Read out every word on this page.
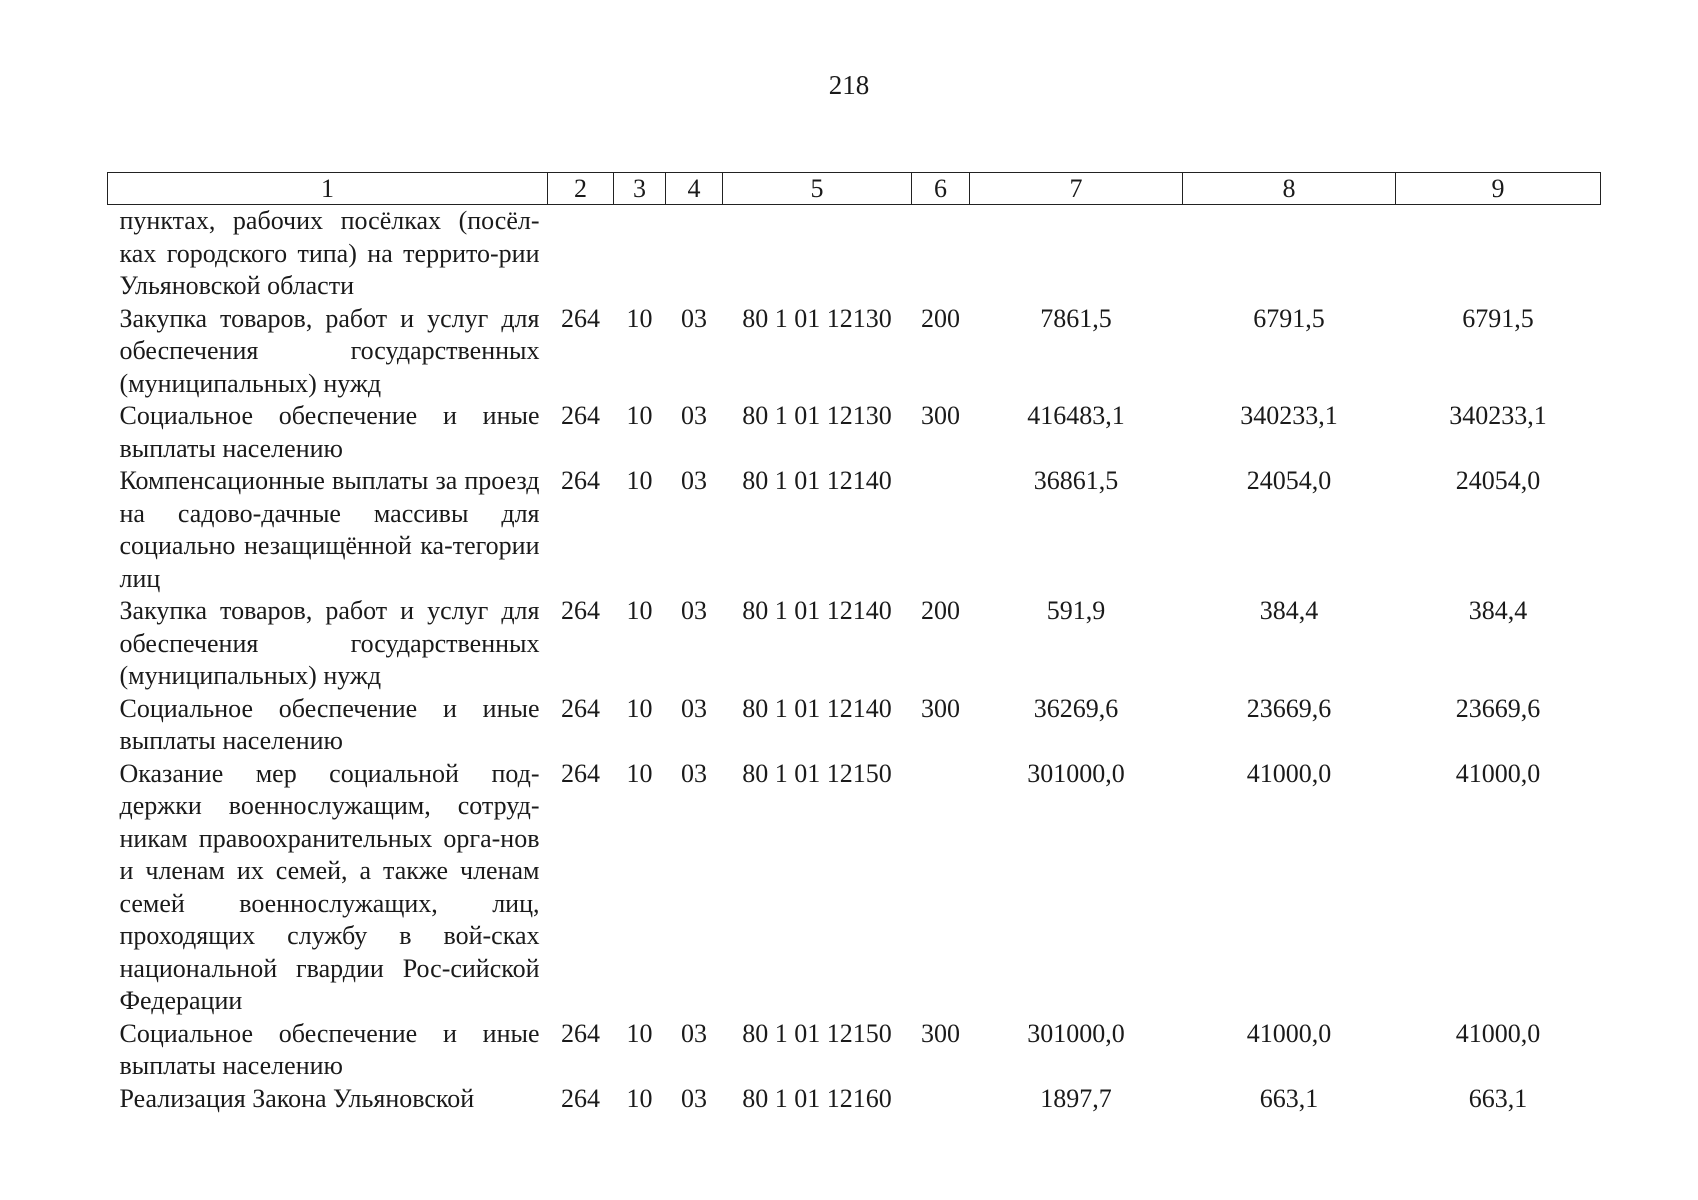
218
1	2	3	4	5	6	7	8	9
пунктах, рабочих посёлках (посёл-ках городского типа) на террито-рии Ульяновской области								
Закупка товаров, работ и услуг для обеспечения государственных (муниципальных) нужд	264	10	03	80 1 01 12130	200	7861,5	6791,5	6791,5
Социальное обеспечение и иные выплаты населению	264	10	03	80 1 01 12130	300	416483,1	340233,1	340233,1
Компенсационные выплаты за проезд на садово-дачные массивы для социально незащищённой ка-тегории лиц	264	10	03	80 1 01 12140		36861,5	24054,0	24054,0
Закупка товаров, работ и услуг для обеспечения государственных (муниципальных) нужд	264	10	03	80 1 01 12140	200	591,9	384,4	384,4
Социальное обеспечение и иные выплаты населению	264	10	03	80 1 01 12140	300	36269,6	23669,6	23669,6
Оказание мер социальной под-держки военнослужащим, сотруд-никам правоохранительных орга-нов и членам их семей, а также членам семей военнослужащих, лиц, проходящих службу в вой-сках национальной гвардии Рос-сийской Федерации	264	10	03	80 1 01 12150		301000,0	41000,0	41000,0
Социальное обеспечение и иные выплаты населению	264	10	03	80 1 01 12150	300	301000,0	41000,0	41000,0
Реализация Закона Ульяновской	264	10	03	80 1 01 12160		1897,7	663,1	663,1
